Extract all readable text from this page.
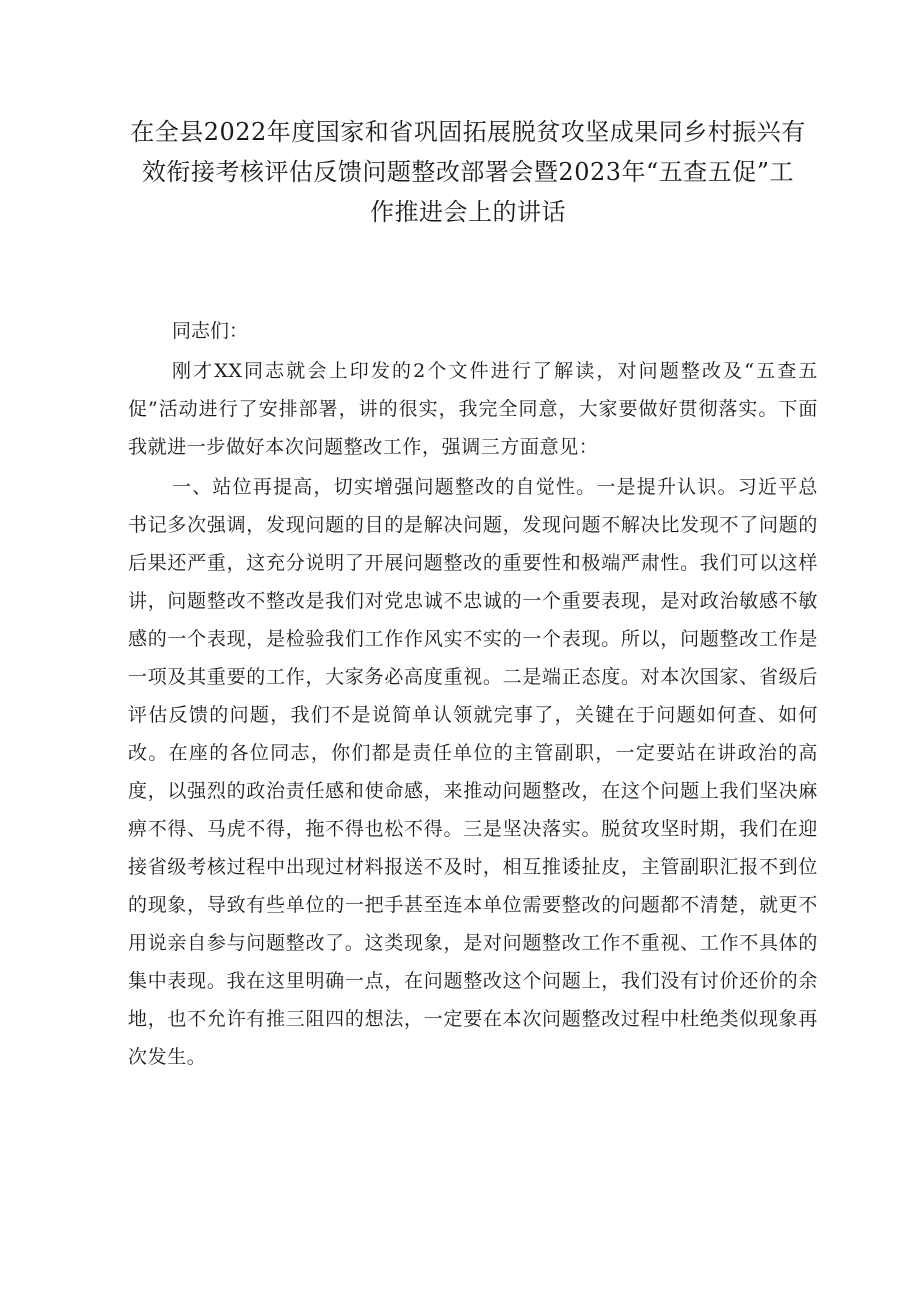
在全县2022年度国家和省巩固拓展脱贫攻坚成果同乡村振兴有
效衔接考核评估反馈问题整改部署会暨2023年“五查五促”工
作推进会上的讲话

同志们：

刚才XX同志就会上印发的2个文件进行了解读，对问题整改及“五查五促”活动进行了安排部署，讲的很实，我完全同意，大家要做好贯彻落实。下面我就进一步做好本次问题整改工作，强调三方面意见：

一、站位再提高，切实增强问题整改的自觉性。一是提升认识。习近平总书记多次强调，发现问题的目的是解决问题，发现问题不解决比发现不了问题的后果还严重，这充分说明了开展问题整改的重要性和极端严肃性。我们可以这样讲，问题整改不整改是我们对党忠诚不忠诚的一个重要表现，是对政治敏感不敏感的一个表现，是检验我们工作作风实不实的一个表现。所以，问题整改工作是一项及其重要的工作，大家务必高度重视。二是端正态度。对本次国家、省级后评估反馈的问题，我们不是说简单认领就完事了，关键在于问题如何查、如何改。在座的各位同志，你们都是责任单位的主管副职，一定要站在讲政治的高度，以强烈的政治责任感和使命感，来推动问题整改，在这个问题上我们坚决麻痹不得、马虎不得，拖不得也松不得。三是坚决落实。脱贫攻坚时期，我们在迎接省级考核过程中出现过材料报送不及时，相互推诿扯皮，主管副职汇报不到位的现象，导致有些单位的一把手甚至连本单位需要整改的问题都不清楚，就更不用说亲自参与问题整改了。这类现象，是对问题整改工作不重视、工作不具体的集中表现。我在这里明确一点，在问题整改这个问题上，我们没有讨价还价的余地，也不允许有推三阻四的想法，一定要在本次问题整改过程中杜绝类似现象再次发生。
